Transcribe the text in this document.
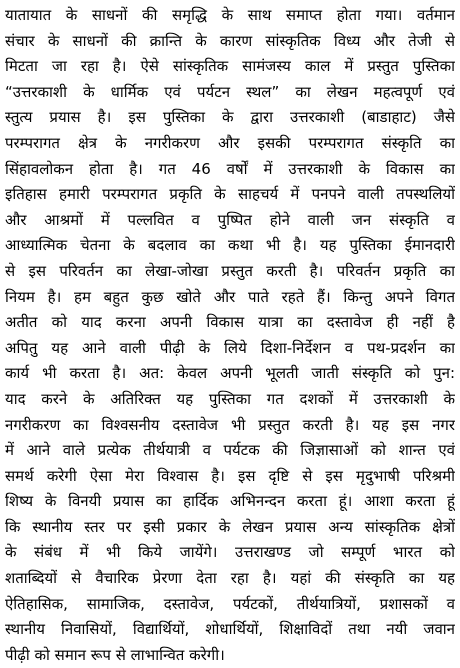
यातायात के साधनों की समृद्धि के साथ समाप्त होता गया। वर्तमान
संचार के साधनों की क्रान्ति के कारण सांस्कृतिक विध्य और तेजी से
मिटता जा रहा है। ऐसे सांस्कृतिक सामंजस्य काल में प्रस्तुत पुस्तिका
“उत्तरकाशी के धार्मिक एवं पर्यटन स्थल” का लेखन महत्वपूर्ण एवं
स्तुत्य प्रयास है। इस पुस्तिका के द्वारा उत्तरकाशी (बाडाहाट) जैसे
परम्परागत क्षेत्र के नगरीकरण और इसकी परम्परागत संस्कृति का
सिंहावलोकन होता है। गत 46 वर्षों में उत्तरकाशी के विकास का
इतिहास हमारी परम्परागत प्रकृति के साहचर्य में पनपने वाली तपस्थलियों
और आश्रमों में पल्लवित व पुष्पित होने वाली जन संस्कृति व
आध्यात्मिक चेतना के बदलाव का कथा भी है। यह पुस्तिका ईमानदारी
से इस परिवर्तन का लेखा-जोखा प्रस्तुत करती है। परिवर्तन प्रकृति का
नियम है। हम बहुत कुछ खोते और पाते रहते हैं। किन्तु अपने विगत
अतीत को याद करना अपनी विकास यात्रा का दस्तावेज ही नहीं है
अपितु यह आने वाली पीढ़ी के लिये दिशा-निर्देशन व पथ-प्रदर्शन का
कार्य भी करता है। अत: केवल अपनी भूलती जाती संस्कृति को पुन:
याद करने के अतिरिक्त यह पुस्तिका गत दशकों में उत्तरकाशी के
नगरीकरण का विश्वसनीय दस्तावेज भी प्रस्तुत करती है। यह इस नगर
में आने वाले प्रत्येक तीर्थयात्री व पर्यटक की जिज्ञासाओं को शान्त एवं
समर्थ करेगी ऐसा मेरा विश्वास है। इस दृष्टि से इस मृदुभाषी परिश्रमी
शिष्य के विनयी प्रयास का हार्दिक अभिनन्दन करता हूं। आशा करता हूं
कि स्थानीय स्तर पर इसी प्रकार के लेखन प्रयास अन्य सांस्कृतिक क्षेत्रों
के संबंध में भी किये जायेंगे। उत्तराखण्ड जो सम्पूर्ण भारत को
शताब्दियों से वैचारिक प्रेरणा देता रहा है। यहां की संस्कृति का यह
ऐतिहासिक, सामाजिक, दस्तावेज, पर्यटकों, तीर्थयात्रियों, प्रशासकों व
स्थानीय निवासियों, विद्यार्थियों, शोधार्थियों, शिक्षाविदों तथा नयी जवान
पीढ़ी को समान रूप से लाभान्वित करेगी।
